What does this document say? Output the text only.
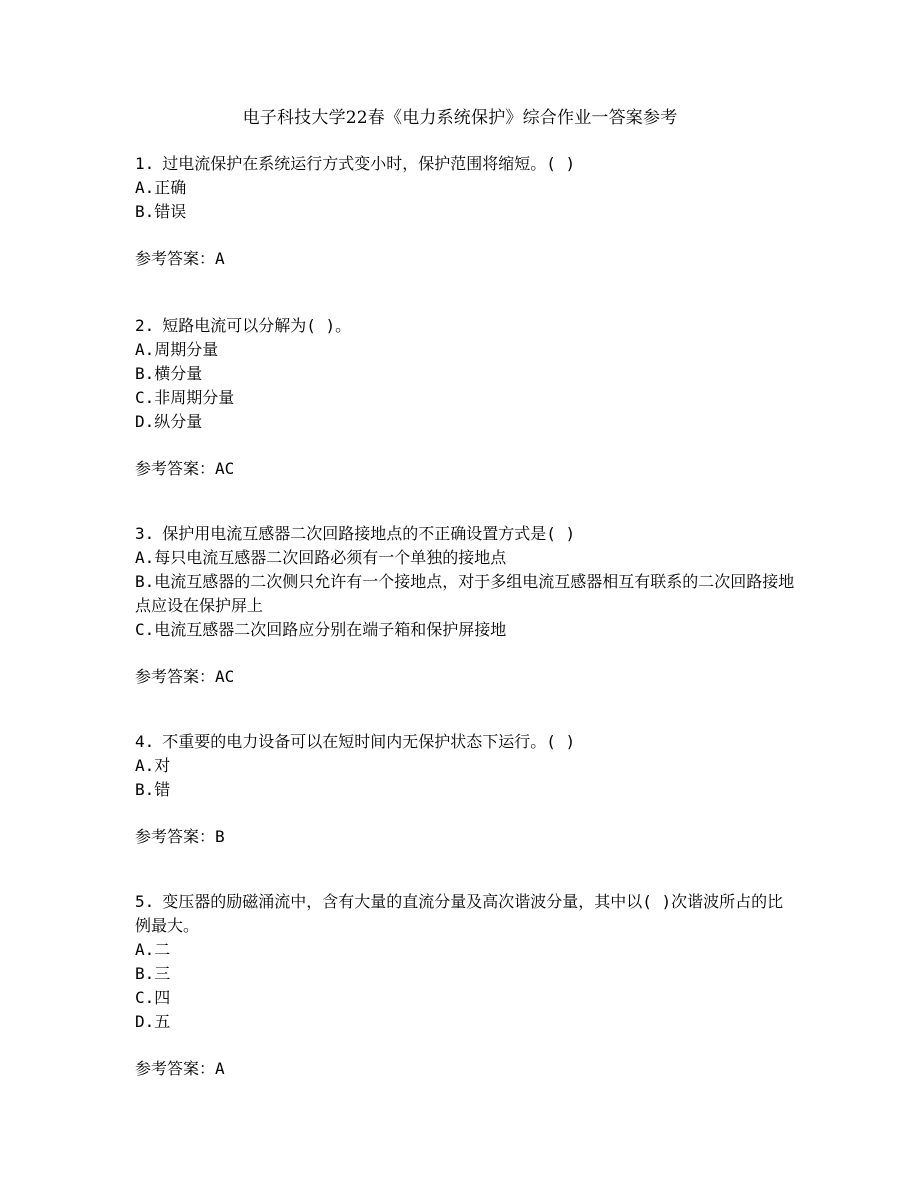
电子科技大学22春《电力系统保护》综合作业一答案参考
1. 过电流保护在系统运行方式变小时，保护范围将缩短。( )
A.正确
B.错误
参考答案：A
2. 短路电流可以分解为( )。
A.周期分量
B.横分量
C.非周期分量
D.纵分量
参考答案：AC
3. 保护用电流互感器二次回路接地点的不正确设置方式是( )
A.每只电流互感器二次回路必须有一个单独的接地点
B.电流互感器的二次侧只允许有一个接地点，对于多组电流互感器相互有联系的二次回路接地点应设在保护屏上
C.电流互感器二次回路应分别在端子箱和保护屏接地
参考答案：AC
4. 不重要的电力设备可以在短时间内无保护状态下运行。( )
A.对
B.错
参考答案：B
5. 变压器的励磁涌流中，含有大量的直流分量及高次谐波分量，其中以( )次谐波所占的比例最大。
A.二
B.三
C.四
D.五
参考答案：A
